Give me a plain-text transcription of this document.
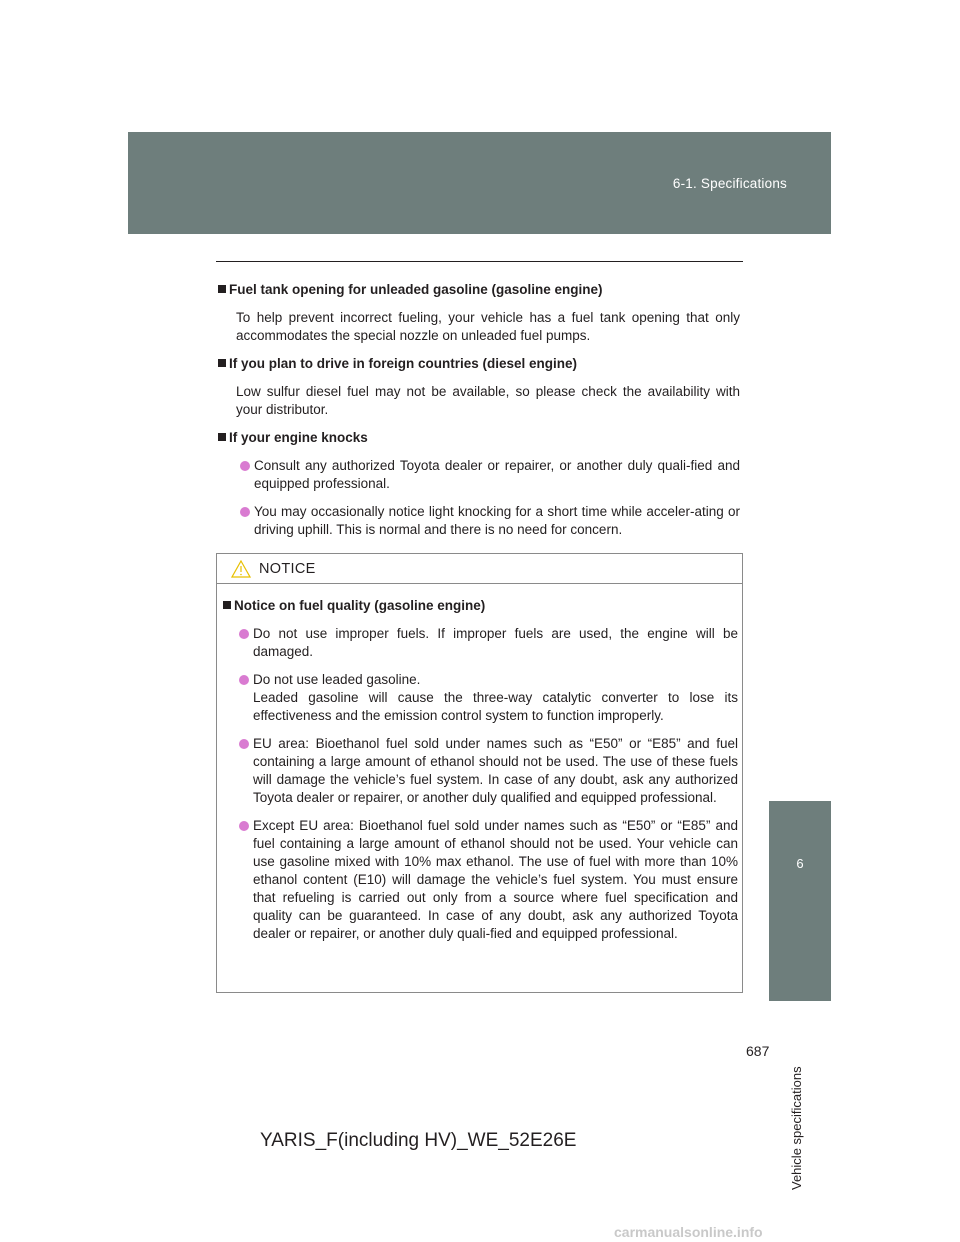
6-1. Specifications
6
Vehicle specifications
Fuel tank opening for unleaded gasoline (gasoline engine)
To help prevent incorrect fueling, your vehicle has a fuel tank opening that only accommodates the special nozzle on unleaded fuel pumps.
If you plan to drive in foreign countries (diesel engine)
Low sulfur diesel fuel may not be available, so please check the availability with your distributor.
If your engine knocks
Consult any authorized Toyota dealer or repairer, or another duly quali-fied and equipped professional.
You may occasionally notice light knocking for a short time while acceler-ating or driving uphill. This is normal and there is no need for concern.
NOTICE
Notice on fuel quality (gasoline engine)
Do not use improper fuels. If improper fuels are used, the engine will be damaged.
Do not use leaded gasoline.
Leaded gasoline will cause the three-way catalytic converter to lose its effectiveness and the emission control system to function improperly.
EU area: Bioethanol fuel sold under names such as “E50” or “E85” and fuel containing a large amount of ethanol should not be used. The use of these fuels will damage the vehicle’s fuel system. In case of any doubt, ask any authorized Toyota dealer or repairer, or another duly qualified and equipped professional.
Except EU area: Bioethanol fuel sold under names such as “E50” or “E85” and fuel containing a large amount of ethanol should not be used. Your vehicle can use gasoline mixed with 10% max ethanol. The use of fuel with more than 10% ethanol content (E10) will damage the vehicle’s fuel system. You must ensure that refueling is carried out only from a source where fuel specification and quality can be guaranteed. In case of any doubt, ask any authorized Toyota dealer or repairer, or another duly quali-fied and equipped professional.
687
YARIS_F(including HV)_WE_52E26E
carmanualsonline.info
